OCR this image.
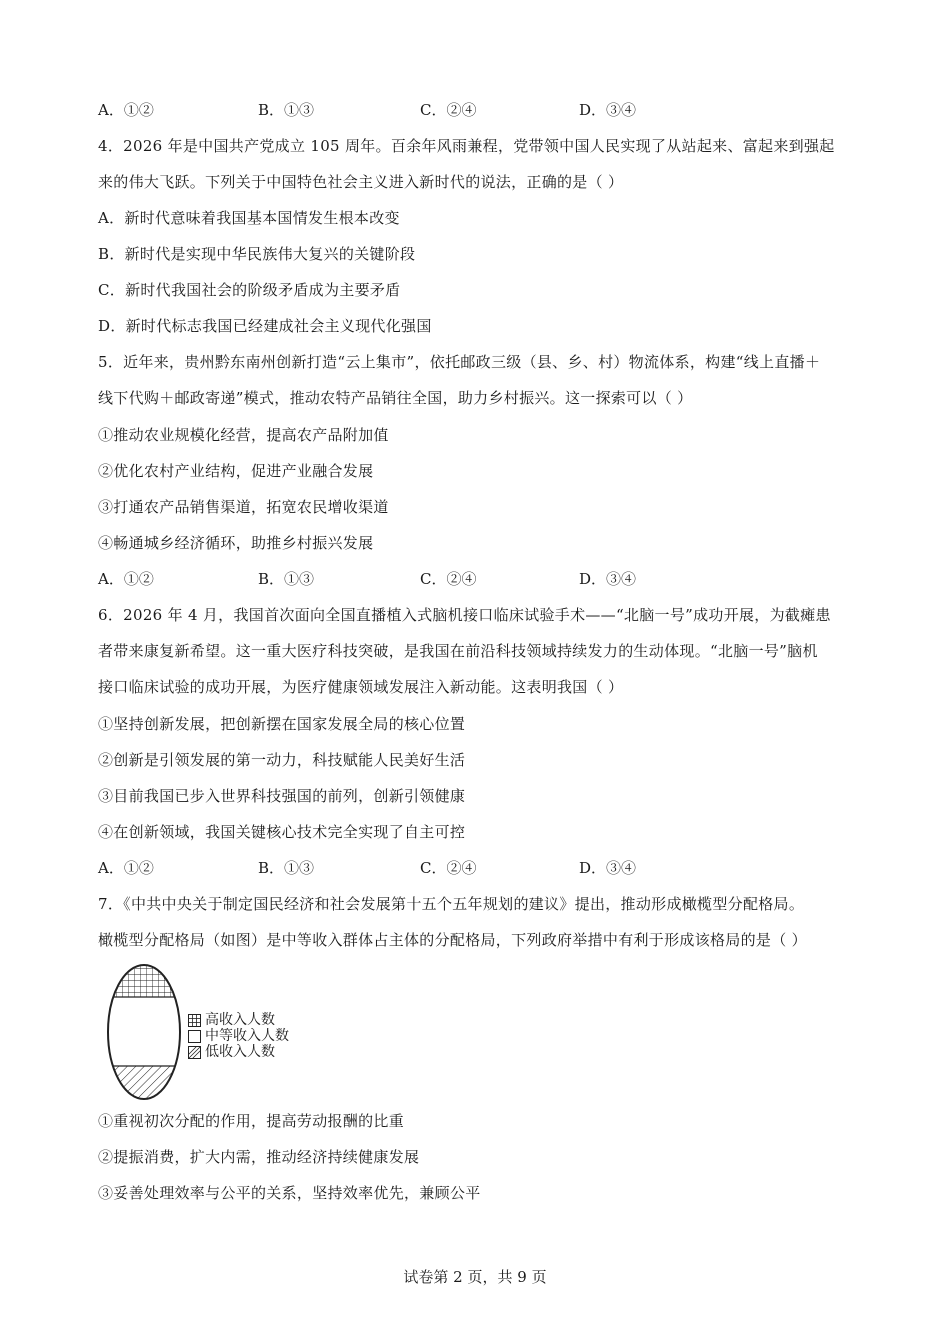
A．①②	B．①③	C．②④	D．③④
4．2026 年是中国共产党成立 105 周年。百余年风雨兼程，党带领中国人民实现了从站起来、富起来到强起
来的伟大飞跃。下列关于中国特色社会主义进入新时代的说法，正确的是（ ）
A．新时代意味着我国基本国情发生根本改变
B．新时代是实现中华民族伟大复兴的关键阶段
C．新时代我国社会的阶级矛盾成为主要矛盾
D．新时代标志我国已经建成社会主义现代化强国
5．近年来，贵州黔东南州创新打造“云上集市”，依托邮政三级（县、乡、村）物流体系，构建“线上直播＋
线下代购＋邮政寄递”模式，推动农特产品销往全国，助力乡村振兴。这一探索可以（ ）
①推动农业规模化经营，提高农产品附加值
②优化农村产业结构，促进产业融合发展
③打通农产品销售渠道，拓宽农民增收渠道
④畅通城乡经济循环，助推乡村振兴发展
A．①②	B．①③	C．②④	D．③④
6．2026 年 4 月，我国首次面向全国直播植入式脑机接口临床试验手术——“北脑一号”成功开展，为截瘫患
者带来康复新希望。这一重大医疗科技突破，是我国在前沿科技领域持续发力的生动体现。“北脑一号”脑机
接口临床试验的成功开展，为医疗健康领域发展注入新动能。这表明我国（ ）
①坚持创新发展，把创新摆在国家发展全局的核心位置
②创新是引领发展的第一动力，科技赋能人民美好生活
③目前我国已步入世界科技强国的前列，创新引领健康
④在创新领域，我国关键核心技术完全实现了自主可控
A．①②	B．①③	C．②④	D．③④
7．《中共中央关于制定国民经济和社会发展第十五个五年规划的建议》提出，推动形成橄榄型分配格局。
橄榄型分配格局（如图）是中等收入群体占主体的分配格局，下列政府举措中有利于形成该格局的是（ ）
高收入人数
中等收入人数
低收入人数
①重视初次分配的作用，提高劳动报酬的比重
②提振消费，扩大内需，推动经济持续健康发展
③妥善处理效率与公平的关系，坚持效率优先，兼顾公平
试卷第 2 页，共 9 页
